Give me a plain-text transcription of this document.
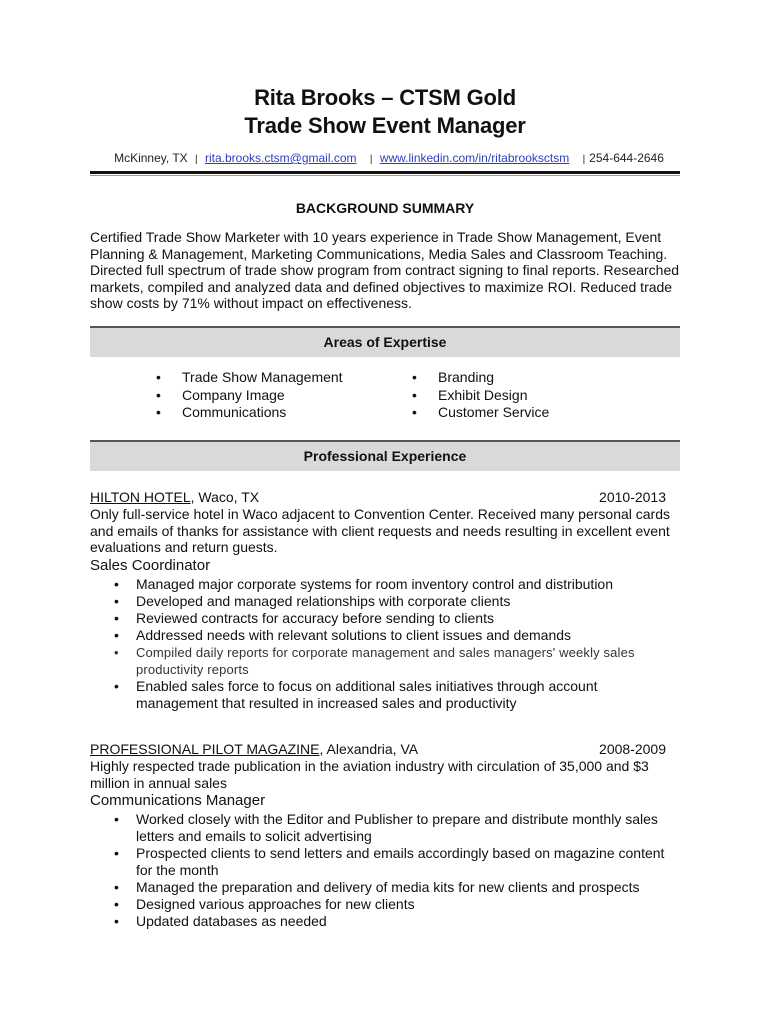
Rita Brooks – CTSM Gold
Trade Show Event Manager
McKinney, TX | rita.brooks.ctsm@gmail.com | www.linkedin.com/in/ritabrooksctsm | 254-644-2646
BACKGROUND SUMMARY
Certified Trade Show Marketer with 10 years experience in Trade Show Management, Event Planning & Management, Marketing Communications, Media Sales and Classroom Teaching. Directed full spectrum of trade show program from contract signing to final reports. Researched markets, compiled and analyzed data and defined objectives to maximize ROI. Reduced trade show costs by 71% without impact on effectiveness.
Areas of Expertise
• Trade Show Management
• Company Image
• Communications
• Branding
• Exhibit Design
• Customer Service
Professional Experience
HILTON HOTEL, Waco, TX	2010-2013
Only full-service hotel in Waco adjacent to Convention Center. Received many personal cards and emails of thanks for assistance with client requests and needs resulting in excellent event evaluations and return guests.
Sales Coordinator
• Managed major corporate systems for room inventory control and distribution
• Developed and managed relationships with corporate clients
• Reviewed contracts for accuracy before sending to clients
• Addressed needs with relevant solutions to client issues and demands
• Compiled daily reports for corporate management and sales managers' weekly sales productivity reports
• Enabled sales force to focus on additional sales initiatives through account management that resulted in increased sales and productivity
PROFESSIONAL PILOT MAGAZINE, Alexandria, VA	2008-2009
Highly respected trade publication in the aviation industry with circulation of 35,000 and $3 million in annual sales
Communications Manager
• Worked closely with the Editor and Publisher to prepare and distribute monthly sales letters and emails to solicit advertising
• Prospected clients to send letters and emails accordingly based on magazine content for the month
• Managed the preparation and delivery of media kits for new clients and prospects
• Designed various approaches for new clients
• Updated databases as needed
